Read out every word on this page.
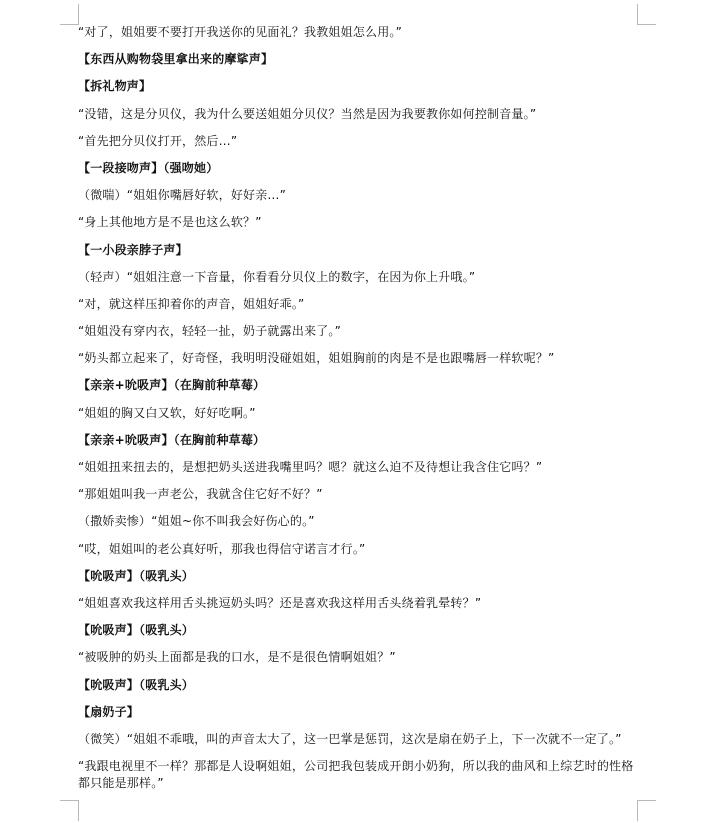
“对了，姐姐要不要打开我送你的见面礼？我教姐姐怎么用。”
【东西从购物袋里拿出来的摩挲声】
【拆礼物声】
“没错，这是分贝仪，我为什么要送姐姐分贝仪？当然是因为我要教你如何控制音量。”
“首先把分贝仪打开，然后…”
【一段接吻声】（强吻她）
（微喘）“姐姐你嘴唇好软，好好亲…”
“身上其他地方是不是也这么软？”
【一小段亲脖子声】
（轻声）“姐姐注意一下音量，你看看分贝仪上的数字，在因为你上升哦。”
“对，就这样压抑着你的声音，姐姐好乖。”
“姐姐没有穿内衣，轻轻一扯，奶子就露出来了。”
“奶头都立起来了，好奇怪，我明明没碰姐姐，姐姐胸前的肉是不是也跟嘴唇一样软呢？”
【亲亲+吮吸声】（在胸前种草莓）
“姐姐的胸又白又软，好好吃啊。”
【亲亲+吮吸声】（在胸前种草莓）
“姐姐扭来扭去的，是想把奶头送进我嘴里吗？嗯？就这么迫不及待想让我含住它吗？”
“那姐姐叫我一声老公，我就含住它好不好？”
（撒娇卖惨）“姐姐~你不叫我会好伤心的。”
“哎，姐姐叫的老公真好听，那我也得信守诺言才行。”
【吮吸声】（吸乳头）
“姐姐喜欢我这样用舌头挑逗奶头吗？还是喜欢我这样用舌头绕着乳晕转？”
【吮吸声】（吸乳头）
“被吸肿的奶头上面都是我的口水，是不是很色情啊姐姐？”
【吮吸声】（吸乳头）
【扇奶子】
（微笑）“姐姐不乖哦，叫的声音太大了，这一巴掌是惩罚，这次是扇在奶子上，下一次就不一定了。”
“我跟电视里不一样？那都是人设啊姐姐，公司把我包装成开朗小奶狗，所以我的曲风和上综艺时的性格都只能是那样。”
